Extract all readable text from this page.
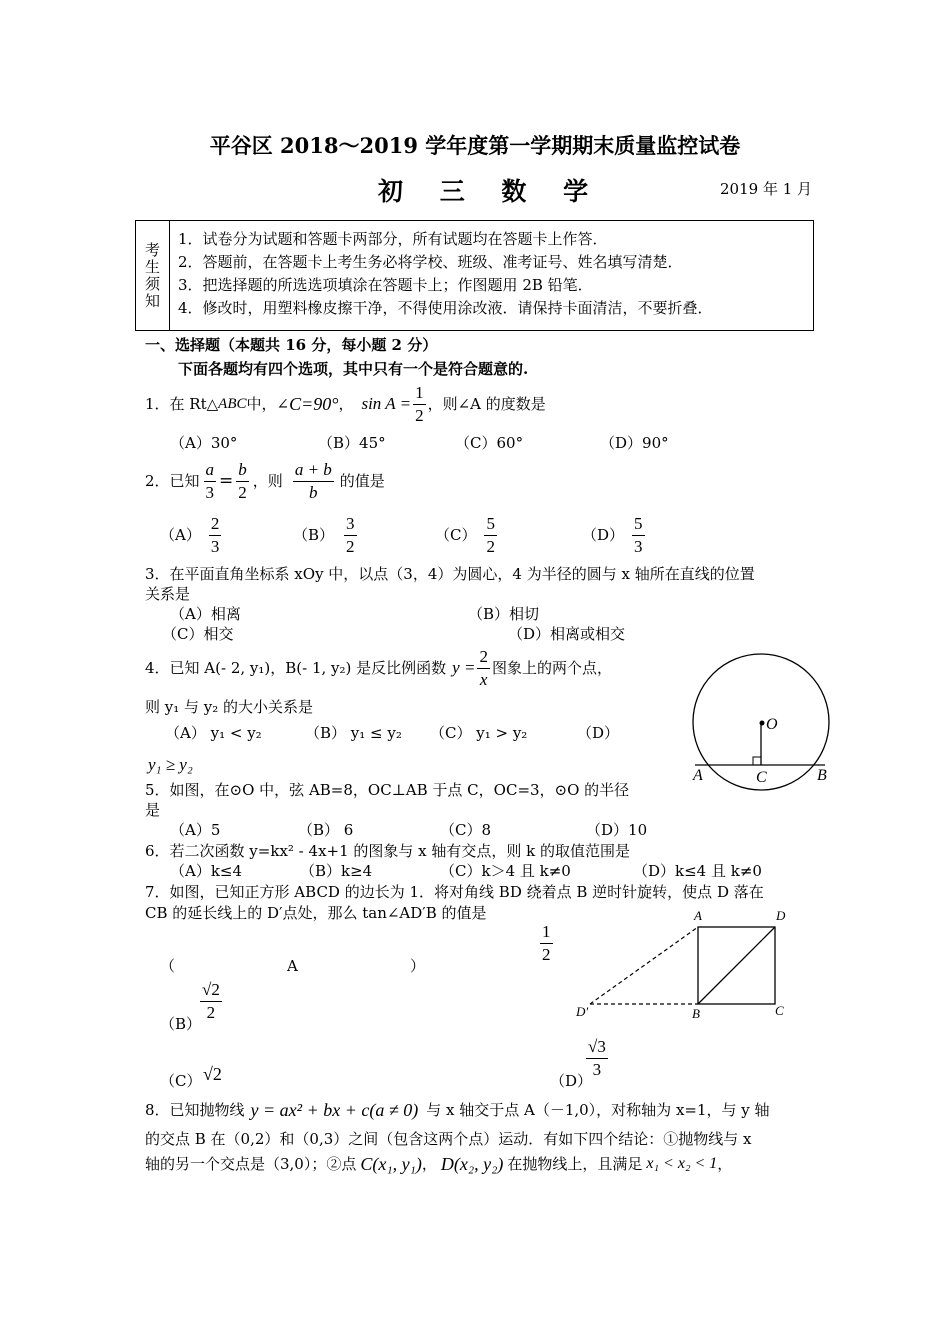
平谷区 2018～2019 学年度第一学期期末质量监控试卷
初 三 数 学	2019 年 1 月
考生须知
1．试卷分为试题和答题卡两部分，所有试题均在答题卡上作答．
2．答题前，在答题卡上考生务必将学校、班级、准考证号、姓名填写清楚．
3．把选择题的所选选项填涂在答题卡上；作图题用 2B 铅笔．
4．修改时，用塑料橡皮擦干净，不得使用涂改液．请保持卡面清洁，不要折叠．
一、选择题（本题共 16 分，每小题 2 分）
下面各题均有四个选项，其中只有一个是符合题意的.
1．在 Rt△ ABC 中，∠ C=90° ， $\sin A = \frac{1}{2}$ ，则∠A 的度数是
（A）30°	（B）45°	（C）60°	（D）90°
2．已知 $\frac{a}{3} = \frac{b}{2}$ ，则 $\frac{a + b}{b}$ 的值是
$(A) \frac{2}{3}$	$(B) \frac{3}{2}$	$(C) \frac{5}{2}$	$(D) \frac{5}{3}$
3．在平面直角坐标系 xOy 中，以点（3，4）为圆心，4 为半径的圆与 x 轴所在直线的位置
关系是
（A）相离	（B）相切
（C）相交	（D）相离或相交
4．已知 A(- 2, y₁)，B(- 1, y₂) 是反比例函数 $y = \frac{2}{x}$ 图象上的两个点，
则 y₁ 与 y₂ 的大小关系是
（A） y₁ < y₂	（B） y₁ ≤ y₂ （C） y₁ > y₂	（D）
y₁ ≥ y₂
O
A	C	B
5．如图，在⊙O 中，弦 AB=8，OC⊥AB 于点 C，OC=3，⊙O 的半径
是
（A）5	（B） 6	（C）8	（D）10
6．若二次函数 y=kx² - 4x+1 的图象与 x 轴有交点，则 k 的取值范围是
（A）k≤4	（B）k≥4	（C）k＞4 且 k≠0	（D）k≤4 且 k≠0
7．如图，已知正方形 ABCD 的边长为 1．将对角线 BD 绕着点 B 逆时针旋转，使点 D 落在
CB 的延长线上的 D′点处，那么 tan∠AD′B 的值是	A	D
B	C
D′
（	A	）
$\frac{1}{2}$
（B）
$\frac{√2}{2}$
（C） √2	（D）
$\frac{√3}{3}$
8．已知抛物线 y = ax² + bx + c(a ≠ 0) 与 x 轴交于点 A（－1,0），对称轴为 x=1，与 y 轴
的交点 B 在（0,2）和（0,3）之间（包含这两个点）运动．有如下四个结论：①抛物线与 x
轴的另一个交点是（3,0）；②点 C(x₁, y₁) ， D(x₂, y₂) 在抛物线上，且满足 x₁ < x₂ < 1 ，
